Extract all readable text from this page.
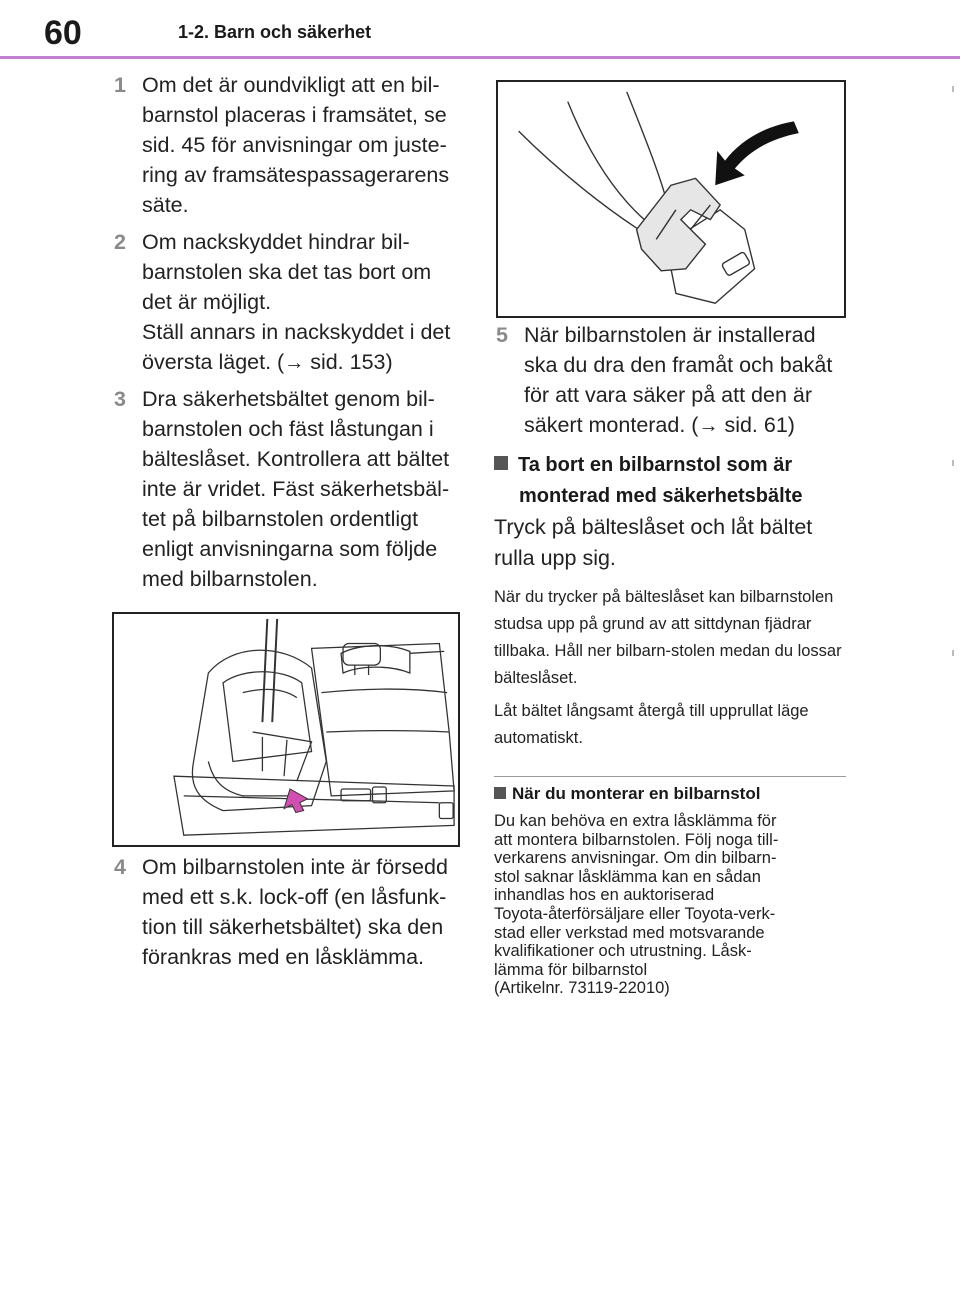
60	1-2. Barn och säkerhet
1 Om det är oundvikligt att en bil-
barnstol placeras i framsätet, se
sid. 45 för anvisningar om juste-
ring av framsätespassagerarens
säte.
2 Om nackskyddet hindrar bil-
barnstolen ska det tas bort om
det är möjligt.
Ställ annars in nackskyddet i det
översta läget. (→ sid. 153)
3 Dra säkerhetsbältet genom bil-
barnstolen och fäst låstungan i
bälteslåset. Kontrollera att bältet
inte är vridet. Fäst säkerhetsbäl-
tet på bilbarnstolen ordentligt
enligt anvisningarna som följde
med bilbarnstolen.
4 Om bilbarnstolen inte är försedd
med ett s.k. lock-off (en låsfunk-
tion till säkerhetsbältet) ska den
förankras med en låsklämma.
5 När bilbarnstolen är installerad
ska du dra den framåt och bakåt
för att vara säker på att den är
säkert monterad. (→ sid. 61)
Ta bort en bilbarnstol som är
monterad med säkerhetsbälte
Tryck på bälteslåset och låt bältet rulla upp sig.
När du trycker på bälteslåset kan bilbarnstolen studsa upp på grund av att sittdynan fjädrar tillbaka. Håll ner bilbarn-stolen medan du lossar bälteslåset.
Låt bältet långsamt återgå till upprullat läge automatiskt.
När du monterar en bilbarnstol
Du kan behöva en extra låsklämma för
att montera bilbarnstolen. Följ noga till-
verkarens anvisningar. Om din bilbarn-
stol saknar låsklämma kan en sådan
inhandlas hos en auktoriserad
Toyota-återförsäljare eller Toyota-verk-
stad eller verkstad med motsvarande
kvalifikationer och utrustning. Låsk-
lämma för bilbarnstol
(Artikelnr. 73119-22010)
